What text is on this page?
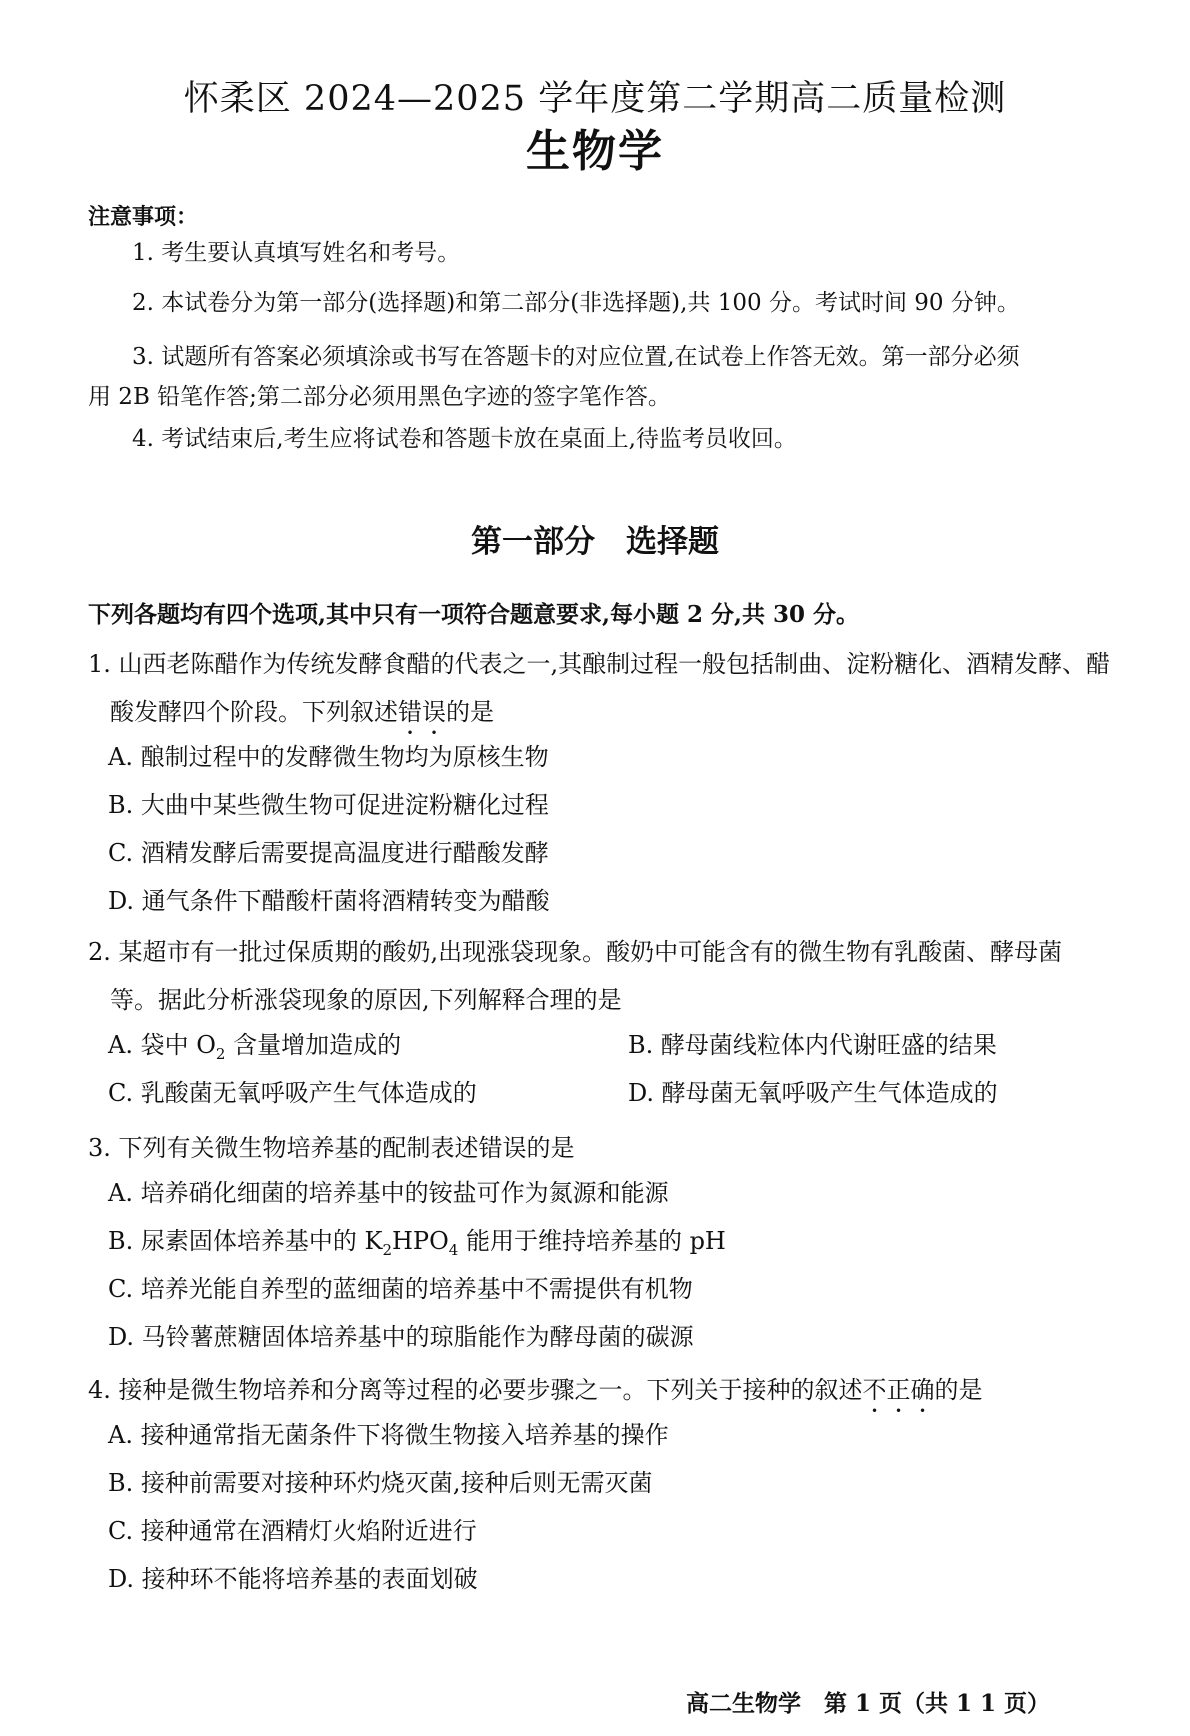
怀柔区 2024—2025 学年度第二学期高二质量检测
生物学
注意事项：
1. 考生要认真填写姓名和考号。
2. 本试卷分为第一部分(选择题)和第二部分(非选择题),共 100 分。考试时间 90 分钟。
3. 试题所有答案必须填涂或书写在答题卡的对应位置,在试卷上作答无效。第一部分必须
用 2B 铅笔作答;第二部分必须用黑色字迹的签字笔作答。
4. 考试结束后,考生应将试卷和答题卡放在桌面上,待监考员收回。
第一部分　选择题
下列各题均有四个选项,其中只有一项符合题意要求,每小题 2 分,共 30 分。
1. 山西老陈醋作为传统发酵食醋的代表之一,其酿制过程一般包括制曲、淀粉糖化、酒精发酵、醋
酸发酵四个阶段。下列叙述错误的是
A. 酿制过程中的发酵微生物均为原核生物
B. 大曲中某些微生物可促进淀粉糖化过程
C. 酒精发酵后需要提高温度进行醋酸发酵
D. 通气条件下醋酸杆菌将酒精转变为醋酸
2. 某超市有一批过保质期的酸奶,出现涨袋现象。酸奶中可能含有的微生物有乳酸菌、酵母菌
等。据此分析涨袋现象的原因,下列解释合理的是
A. 袋中 $O_2$ 含量增加造成的	B. 酵母菌线粒体内代谢旺盛的结果
C. 乳酸菌无氧呼吸产生气体造成的	D. 酵母菌无氧呼吸产生气体造成的
3. 下列有关微生物培养基的配制表述错误的是
A. 培养硝化细菌的培养基中的铵盐可作为氮源和能源
B. 尿素固体培养基中的 $K_2HPO_4$ 能用于维持培养基的 pH
C. 培养光能自养型的蓝细菌的培养基中不需提供有机物
D. 马铃薯蔗糖固体培养基中的琼脂能作为酵母菌的碳源
4. 接种是微生物培养和分离等过程的必要步骤之一。下列关于接种的叙述不正确的是
A. 接种通常指无菌条件下将微生物接入培养基的操作
B. 接种前需要对接种环灼烧灭菌,接种后则无需灭菌
C. 接种通常在酒精灯火焰附近进行
D. 接种环不能将培养基的表面划破
高二生物学　第 1 页（共 1 1 页）
